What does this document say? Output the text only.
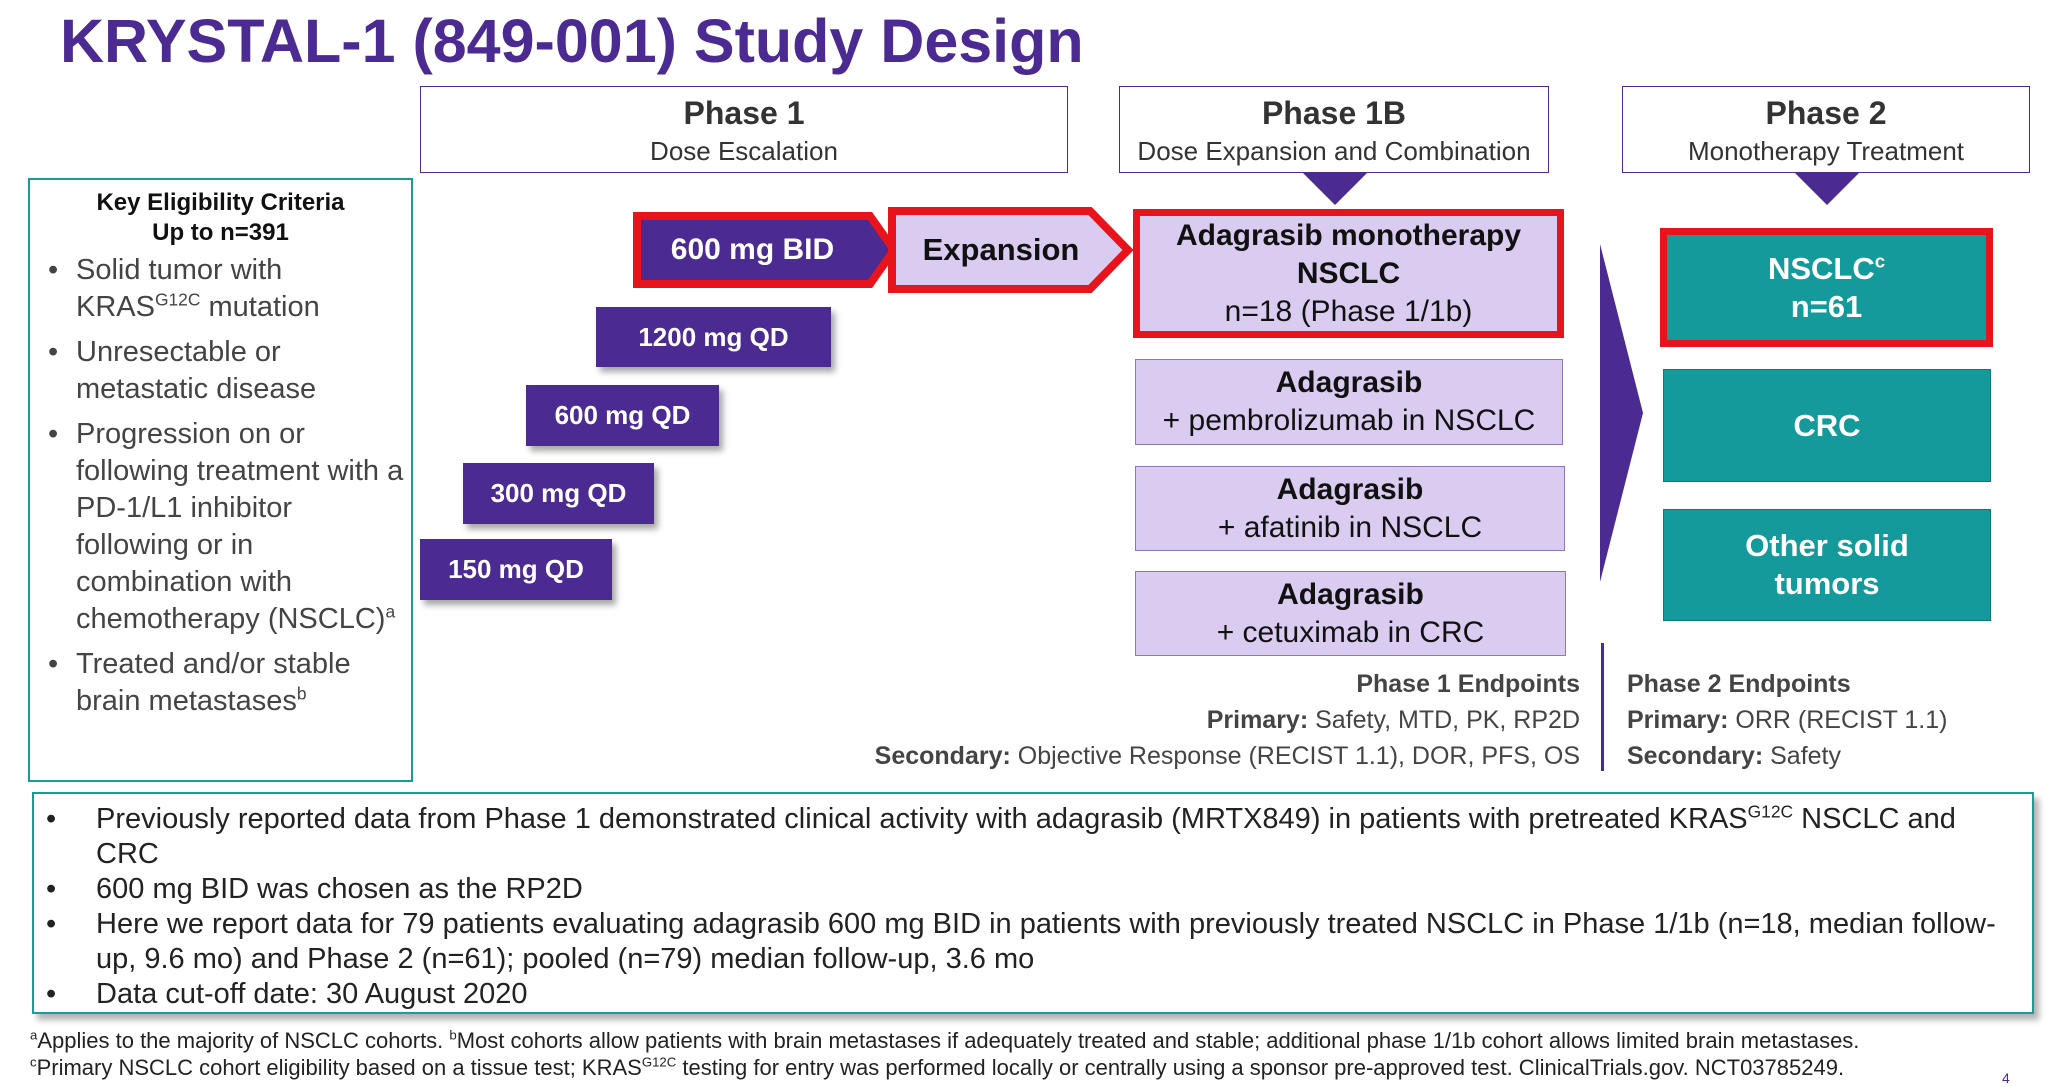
KRYSTAL-1 (849-001) Study Design
Phase 1
Dose Escalation
Phase 1B
Dose Expansion and Combination
Phase 2
Monotherapy Treatment
Key Eligibility Criteria
Up to n=391
• Solid tumor with $KRAS^{G12C}$ mutation
• Unresectable or metastatic disease
• Progression on or following treatment with a PD-1/L1 inhibitor following or in combination with chemotherapy (NSCLC)$^a$
• Treated and/or stable brain metastases$^b$
600 mg BID	Expansion
1200 mg QD
600 mg QD
300 mg QD
150 mg QD
Adagrasib monotherapy
NSCLC
n=18 (Phase 1/1b)
Adagrasib
+ pembrolizumab in NSCLC
Adagrasib
+ afatinib in NSCLC
Adagrasib
+ cetuximab in CRC
NSCLC$^c$
n=61
CRC
Other solid
tumors
Phase 1 Endpoints
Primary: Safety, MTD, PK, RP2D
Secondary: Objective Response (RECIST 1.1), DOR, PFS, OS
Phase 2 Endpoints
Primary: ORR (RECIST 1.1)
Secondary: Safety
• Previously reported data from Phase 1 demonstrated clinical activity with adagrasib (MRTX849) in patients with pretreated $KRAS^{G12C}$ NSCLC and CRC
• 600 mg BID was chosen as the RP2D
• Here we report data for 79 patients evaluating adagrasib 600 mg BID in patients with previously treated NSCLC in Phase 1/1b (n=18, median follow-up, 9.6 mo) and Phase 2 (n=61); pooled (n=79) median follow-up, 3.6 mo
• Data cut-off date: 30 August 2020
$^a$Applies to the majority of NSCLC cohorts. $^b$Most cohorts allow patients with brain metastases if adequately treated and stable; additional phase 1/1b cohort allows limited brain metastases.
$^c$Primary NSCLC cohort eligibility based on a tissue test; $KRAS^{G12C}$ testing for entry was performed locally or centrally using a sponsor pre-approved test. ClinicalTrials.gov. NCT03785249.	4
